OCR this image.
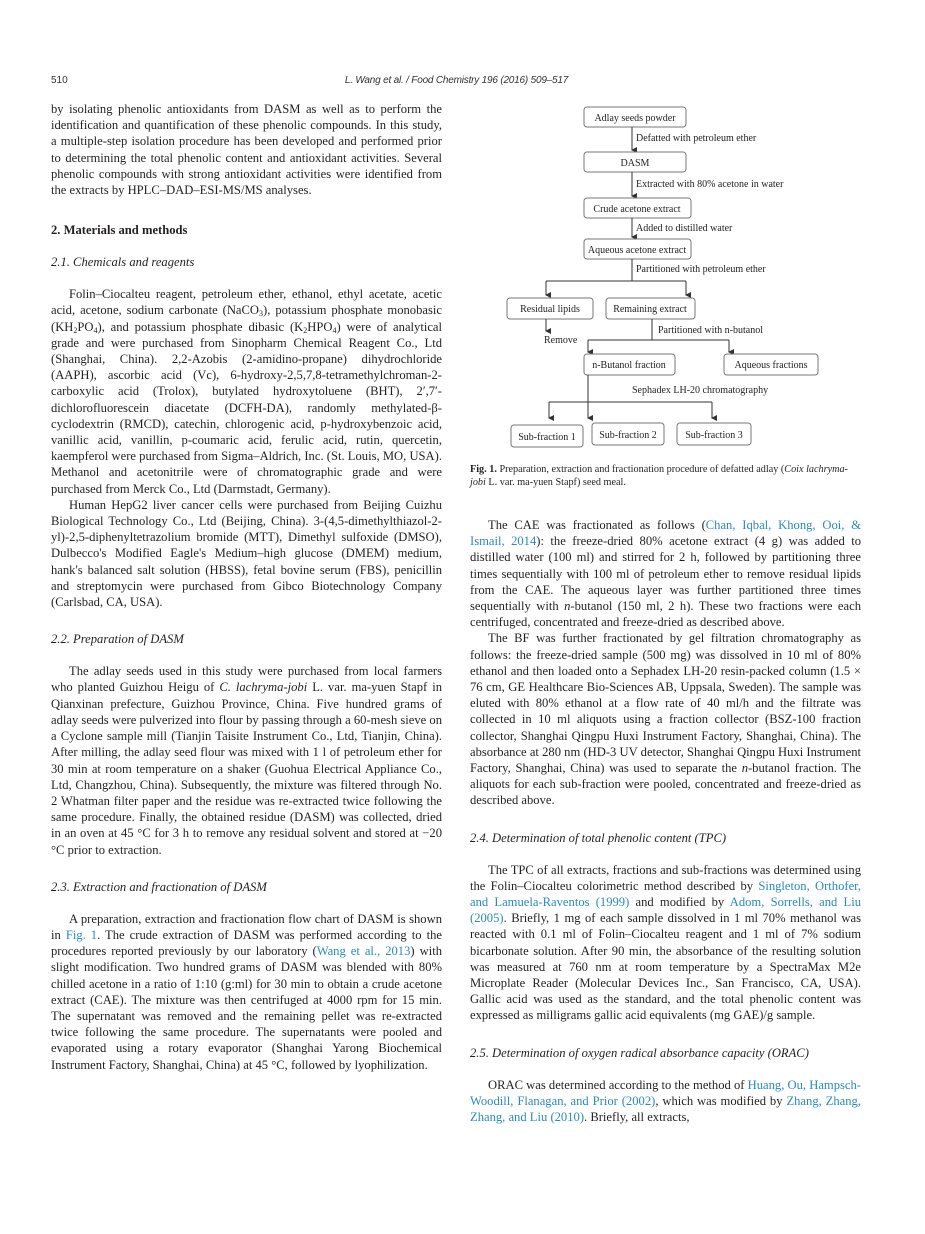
510	L. Wang et al. / Food Chemistry 196 (2016) 509–517

by isolating phenolic antioxidants from DASM as well as to perform the identification and quantification of these phenolic compounds. In this study, a multiple-step isolation procedure has been developed and performed prior to determining the total phenolic content and antioxidant activities. Several phenolic compounds with strong antioxidant activities were identified from the extracts by HPLC–DAD–ESI-MS/MS analyses.

2. Materials and methods
2.1. Chemicals and reagents

Folin–Ciocalteu reagent, petroleum ether, ethanol, ethyl acetate, acetic acid, acetone, sodium carbonate (NaCO$_3$), potassium phosphate monobasic $(KH_2PO_4)$, and potassium phosphate dibasic $(K_2HPO_4)$ were of analytical grade and were purchased from Sinopharm Chemical Reagent Co., Ltd (Shanghai, China). 2,2-Azobis (2-amidino-propane) dihydrochloride (AAPH), ascorbic acid (Vc), 6-hydroxy-2,5,7,8-tetramethylchroman-2-carboxylic acid (Trolox), butylated hydroxytoluene (BHT), 2′,7′-dichlorofluorescein diacetate (DCFH-DA), randomly methylated-β-cyclodextrin (RMCD), catechin, chlorogenic acid, p-hydroxybenzoic acid, vanillic acid, vanillin, p-coumaric acid, ferulic acid, rutin, quercetin, kaempferol were purchased from Sigma–Aldrich, Inc. (St. Louis, MO, USA). Methanol and acetonitrile were of chromatographic grade and were purchased from Merck Co., Ltd (Darmstadt, Germany).

Human HepG2 liver cancer cells were purchased from Beijing Cuizhu Biological Technology Co., Ltd (Beijing, China). 3-(4,5-dimethylthiazol-2-yl)-2,5-diphenyltetrazolium bromide (MTT), Dimethyl sulfoxide (DMSO), Dulbecco's Modified Eagle's Medium–high glucose (DMEM) medium, hank's balanced salt solution (HBSS), fetal bovine serum (FBS), penicillin and streptomycin were purchased from Gibco Biotechnology Company (Carlsbad, CA, USA).

2.2. Preparation of DASM

The adlay seeds used in this study were purchased from local farmers who planted Guizhou Heigu of C. lachryma-jobi L. var. ma-yuen Stapf in Qianxinan prefecture, Guizhou Province, China. Five hundred grams of adlay seeds were pulverized into flour by passing through a 60-mesh sieve on a Cyclone sample mill (Tianjin Taisite Instrument Co., Ltd, Tianjin, China). After milling, the adlay seed flour was mixed with 1 l of petroleum ether for 30 min at room temperature on a shaker (Guohua Electrical Appliance Co., Ltd, Changzhou, China). Subsequently, the mixture was filtered through No. 2 Whatman filter paper and the residue was re-extracted twice following the same procedure. Finally, the obtained residue (DASM) was collected, dried in an oven at 45 °C for 3 h to remove any residual solvent and stored at −20 °C prior to extraction.

2.3. Extraction and fractionation of DASM

A preparation, extraction and fractionation flow chart of DASM is shown in Fig. 1. The crude extraction of DASM was performed according to the procedures reported previously by our laboratory (Wang et al., 2013) with slight modification. Two hundred grams of DASM was blended with 80% chilled acetone in a ratio of 1:10 (g:ml) for 30 min to obtain a crude acetone extract (CAE). The mixture was then centrifuged at 4000 rpm for 15 min. The supernatant was removed and the remaining pellet was re-extracted twice following the same procedure. The supernatants were pooled and evaporated using a rotary evaporator (Shanghai Yarong Biochemical Instrument Factory, Shanghai, China) at 45 °C, followed by lyophilization.

Adlay seeds powder
Defatted with petroleum ether
DASM
Extracted with 80% acetone in water
Crude acetone extract
Added to distilled water
Aqueous acetone extract
Partitioned with petroleum ether
Residual lipids
Remove
Remaining extract
Partitioned with n-butanol
n-Butanol fraction	Aqueous fractions
Sephadex LH-20 chromatography
Sub-fraction 1 Sub-fraction 2	Sub-fraction 3
Fig. 1. Preparation, extraction and fractionation procedure of defatted adlay (Coix lachryma-jobi L. var. ma-yuen Stapf) seed meal.

The CAE was fractionated as follows (Chan, Iqbal, Khong, Ooi, & Ismail, 2014): the freeze-dried 80% acetone extract (4 g) was added to distilled water (100 ml) and stirred for 2 h, followed by partitioning three times sequentially with 100 ml of petroleum ether to remove residual lipids from the CAE. The aqueous layer was further partitioned three times sequentially with n-butanol (150 ml, 2 h). These two fractions were each centrifuged, concentrated and freeze-dried as described above.

The BF was further fractionated by gel filtration chromatography as follows: the freeze-dried sample (500 mg) was dissolved in 10 ml of 80% ethanol and then loaded onto a Sephadex LH-20 resin-packed column (1.5 × 76 cm, GE Healthcare Bio-Sciences AB, Uppsala, Sweden). The sample was eluted with 80% ethanol at a flow rate of 40 ml/h and the filtrate was collected in 10 ml aliquots using a fraction collector (BSZ-100 fraction collector, Shanghai Qingpu Huxi Instrument Factory, Shanghai, China). The absorbance at 280 nm (HD-3 UV detector, Shanghai Qingpu Huxi Instrument Factory, Shanghai, China) was used to separate the n-butanol fraction. The aliquots for each sub-fraction were pooled, concentrated and freeze-dried as described above.

2.4. Determination of total phenolic content (TPC)

The TPC of all extracts, fractions and sub-fractions was determined using the Folin–Ciocalteu colorimetric method described by Singleton, Orthofer, and Lamuela-Raventos (1999) and modified by Adom, Sorrells, and Liu (2005). Briefly, 1 mg of each sample dissolved in 1 ml 70% methanol was reacted with 0.1 ml of Folin–Ciocalteu reagent and 1 ml of 7% sodium bicarbonate solution. After 90 min, the absorbance of the resulting solution was measured at 760 nm at room temperature by a SpectraMax M2e Microplate Reader (Molecular Devices Inc., San Francisco, CA, USA). Gallic acid was used as the standard, and the total phenolic content was expressed as milligrams gallic acid equivalents (mg GAE)/g sample.

2.5. Determination of oxygen radical absorbance capacity (ORAC)

ORAC was determined according to the method of Huang, Ou, Hampsch-Woodill, Flanagan, and Prior (2002), which was modified by Zhang, Zhang, Zhang, and Liu (2010). Briefly, all extracts,
